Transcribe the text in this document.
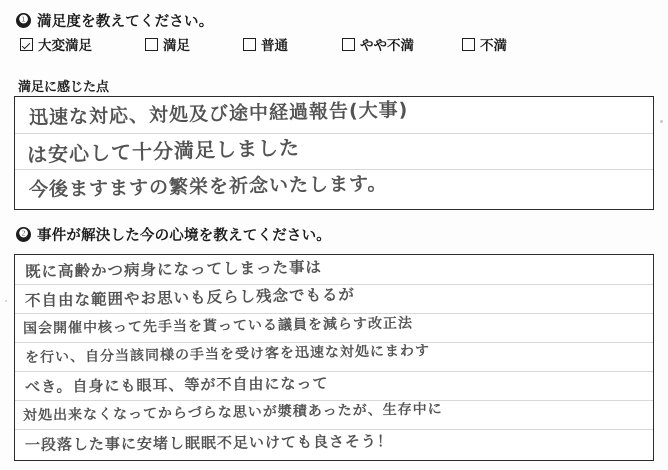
❶ 満足度を教えてください。
大変満足	満足	普通	やや不満	不満
満足に感じた点
迅速な対応、対処及び途中経過報告(大事)
は安心して十分満足しました
今後ますますの繁栄を祈念いたします。
❷ 事件が解決した今の心境を教えてください。
既に高齢かつ病身になってしまった事は
不自由な範囲やお思いも反らし残念でもるが
国会開催中核って先手当を貰っている議員を減らす改正法
を行い、自分当該同様の手当を受け客を迅速な対処にまわす
べき。自身にも眼耳、等が不自由になって
対処出来なくなってからづらな思いが漿積あったが、生存中に
一段落した事に安堵し眠眠不足いけても良さそう！
